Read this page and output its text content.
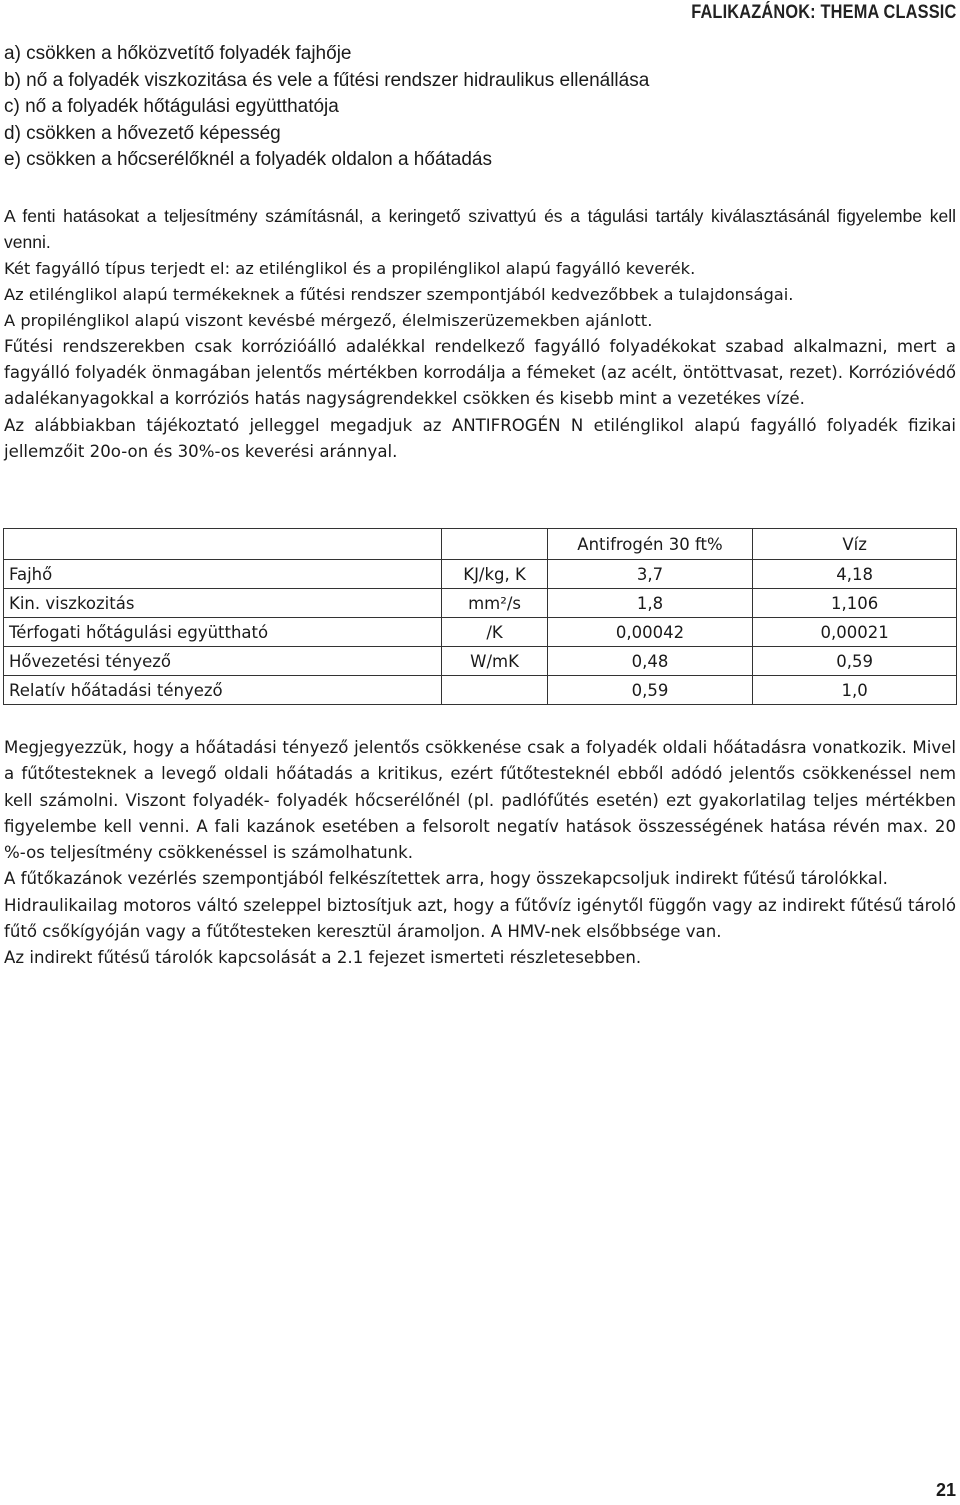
FALIKAZÁNOK: THEMA CLASSIC
a) csökken a hőközvetítő folyadék fajhője
b) nő a folyadék viszkozitása és vele a fűtési rendszer hidraulikus ellenállása
c) nő a folyadék hőtágulási együtthatója
d) csökken a hővezető képesség
e) csökken a hőcserélőknél a folyadék oldalon a hőátadás

A fenti hatásokat a teljesítmény számításnál, a keringető szivattyú és a tágulási tartály kiválasztásánál figyelembe kell venni.

Két fagyálló típus terjedt el: az etilénglikol és a propilénglikol alapú fagyálló keverék.

Az etilénglikol alapú termékeknek a fűtési rendszer szempontjából kedvezőbbek a tulajdonságai.

A propilénglikol alapú viszont kevésbé mérgező, élelmiszerüzemekben ajánlott.

Fűtési rendszerekben csak korrózióálló adalékkal rendelkező fagyálló folyadékokat szabad alkalmazni, mert a fagyálló folyadék önmagában jelentős mértékben korrodálja a fémeket (az acélt, öntöttvasat, rezet). Korrózióvédő adalékanyagokkal a korróziós hatás nagyságrendekkel csökken és kisebb mint a vezetékes vízé.

Az alábbiakban tájékoztató jelleggel megadjuk az ANTIFROGÉN N etilénglikol alapú fagyálló folyadék fizikai jellemzőit 20o-on és 30%-os keverési aránnyal.

		Antifrogén 30 ft%	Víz
Fajhő	KJ/kg, K	3,7	4,18
Kin. viszkozitás	mm²/s	1,8	1,106
Térfogati hőtágulási együttható	/K	0,00042	0,00021
Hővezetési tényező	W/mK	0,48	0,59
Relatív hőátadási tényező		0,59	1,0

Megjegyezzük, hogy a hőátadási tényező jelentős csökkenése csak a folyadék oldali hőátadásra vonatkozik. Mivel a fűtőtesteknek a levegő oldali hőátadás a kritikus, ezért fűtőtesteknél ebből adódó jelentős csökkenéssel nem kell számolni. Viszont folyadék- folyadék hőcserélőnél (pl. padlófűtés esetén) ezt gyakorlatilag teljes mértékben figyelembe kell venni. A fali kazánok esetében a felsorolt negatív hatások összességének hatása révén max. 20 %-os teljesítmény csökkenéssel is számolhatunk.

A fűtőkazánok vezérlés szempontjából felkészítettek arra, hogy összekapcsoljuk indirekt fűtésű tárolókkal.

Hidraulikailag motoros váltó szeleppel biztosítjuk azt, hogy a fűtővíz igénytől függőn vagy az indirekt fűtésű tároló fűtő csőkígyóján vagy a fűtőtesteken keresztül áramoljon. A HMV-nek elsőbbsége van.

Az indirekt fűtésű tárolók kapcsolását a 2.1 fejezet ismerteti részletesebben.

21
